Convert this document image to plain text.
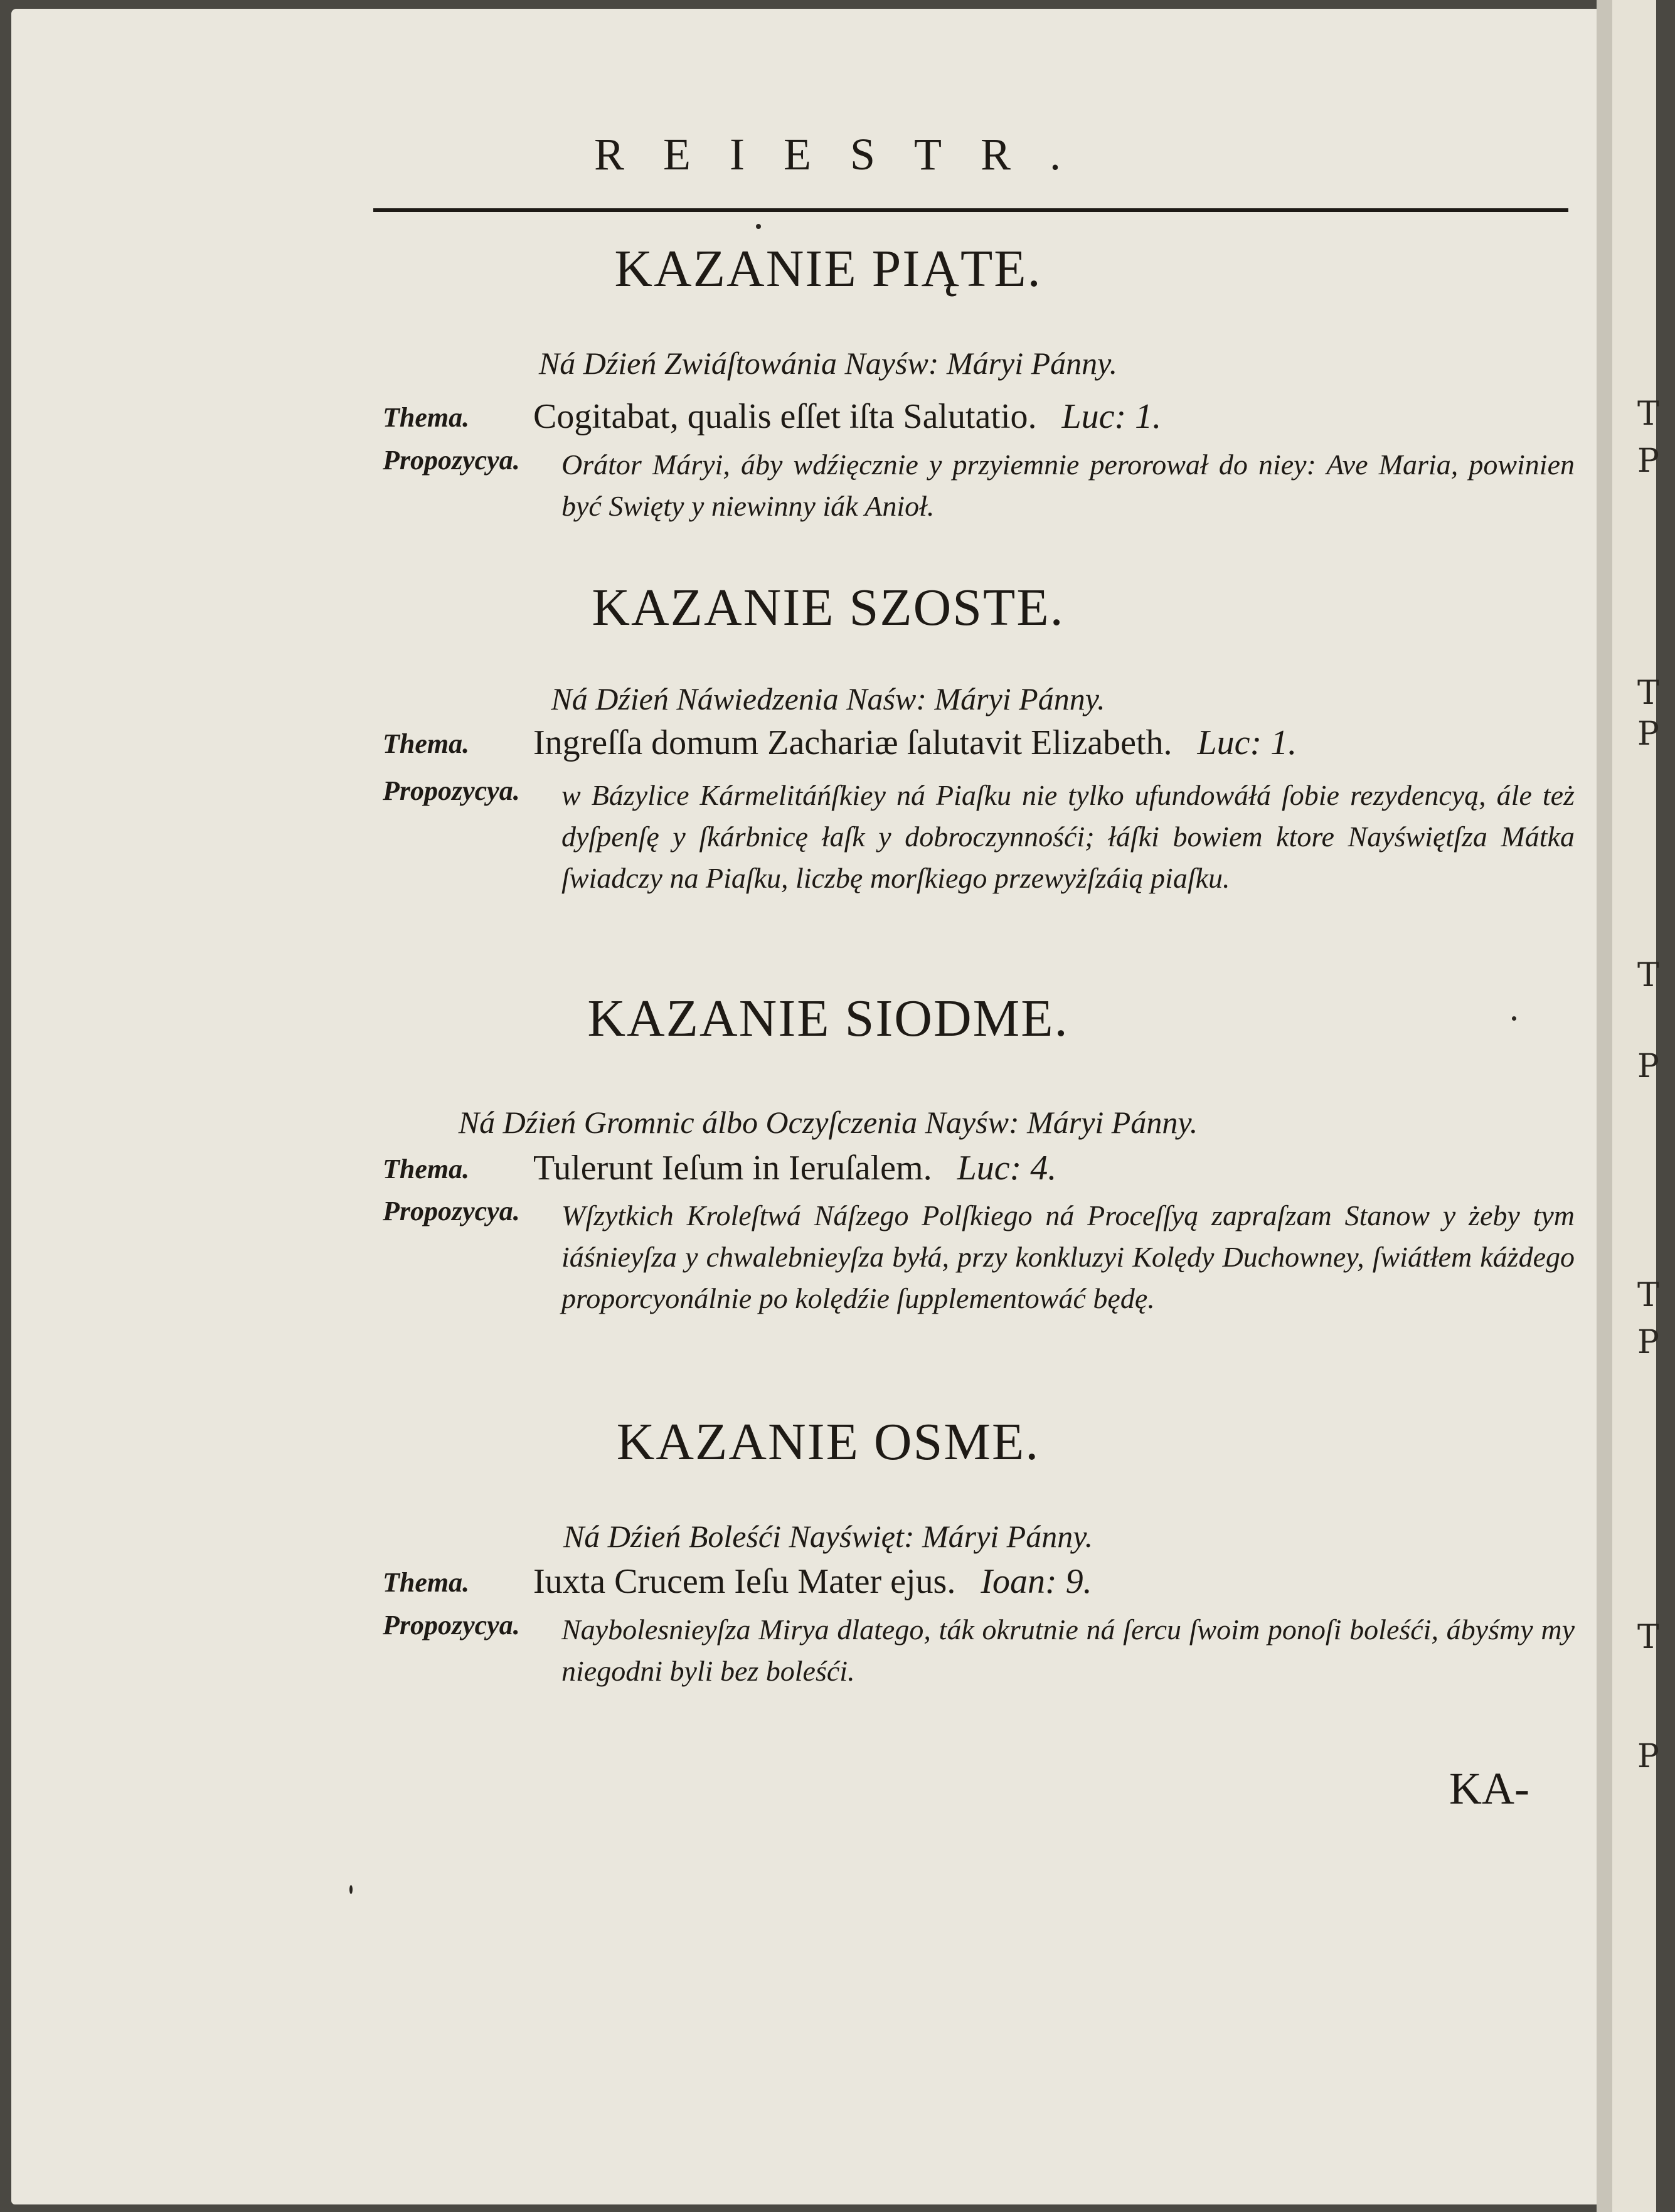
T
P
T
P
T
P
T
P
T
P
REIESTR.
KAZANIE PIĄTE.
Ná Dźień Zwiáſtowánia Nayśw: Máryi Pánny.
Thema. Cogitabat, qualis eſſet iſta Salutatio. Luc: 1.
Propozycya. Orátor Máryi, áby wdźięcznie y przyiemnie perorował do niey: Ave Maria, powinien być Swięty y niewinny iák Anioł.
KAZANIE SZOSTE.
Ná Dźień Náwiedzenia Naśw: Máryi Pánny.
Thema. Ingreſſa domum Zachariæ ſalutavit Elizabeth. Luc: 1.
Propozycya. w Bázylice Kármelitáńſkiey ná Piaſku nie tylko ufundowáłá ſobie rezydencyą, ále też dyſpenſę y ſkárbnicę łaſk y dobroczynnośći; łáſki bowiem ktore Nayświętſza Mátka ſwiadczy na Piaſku, liczbę morſkiego przewyżſzáią piaſku.
KAZANIE SIODME.
Ná Dźień Gromnic álbo Oczyſczenia Nayśw: Máryi Pánny.
Thema. Tulerunt Ieſum in Ieruſalem. Luc: 4.
Propozycya. Wſzytkich Kroleſtwá Náſzego Polſkiego ná Proceſſyą zapraſzam Stanow y żeby tym iáśnieyſza y chwalebnieyſza byłá, przy konkluzyi Kolędy Duchowney, ſwiátłem káżdego proporcyonálnie po kolędźie ſupplementowáć będę.
KAZANIE OSME.
Ná Dźień Boleśći Nayświęt: Máryi Pánny.
Thema. Iuxta Crucem Ieſu Mater ejus. Ioan: 9.
Propozycya. Naybolesnieyſza Mirya dlatego, ták okrutnie ná ſercu ſwoim ponoſi boleśći, ábyśmy my niegodni byli bez boleśći.
KA-
